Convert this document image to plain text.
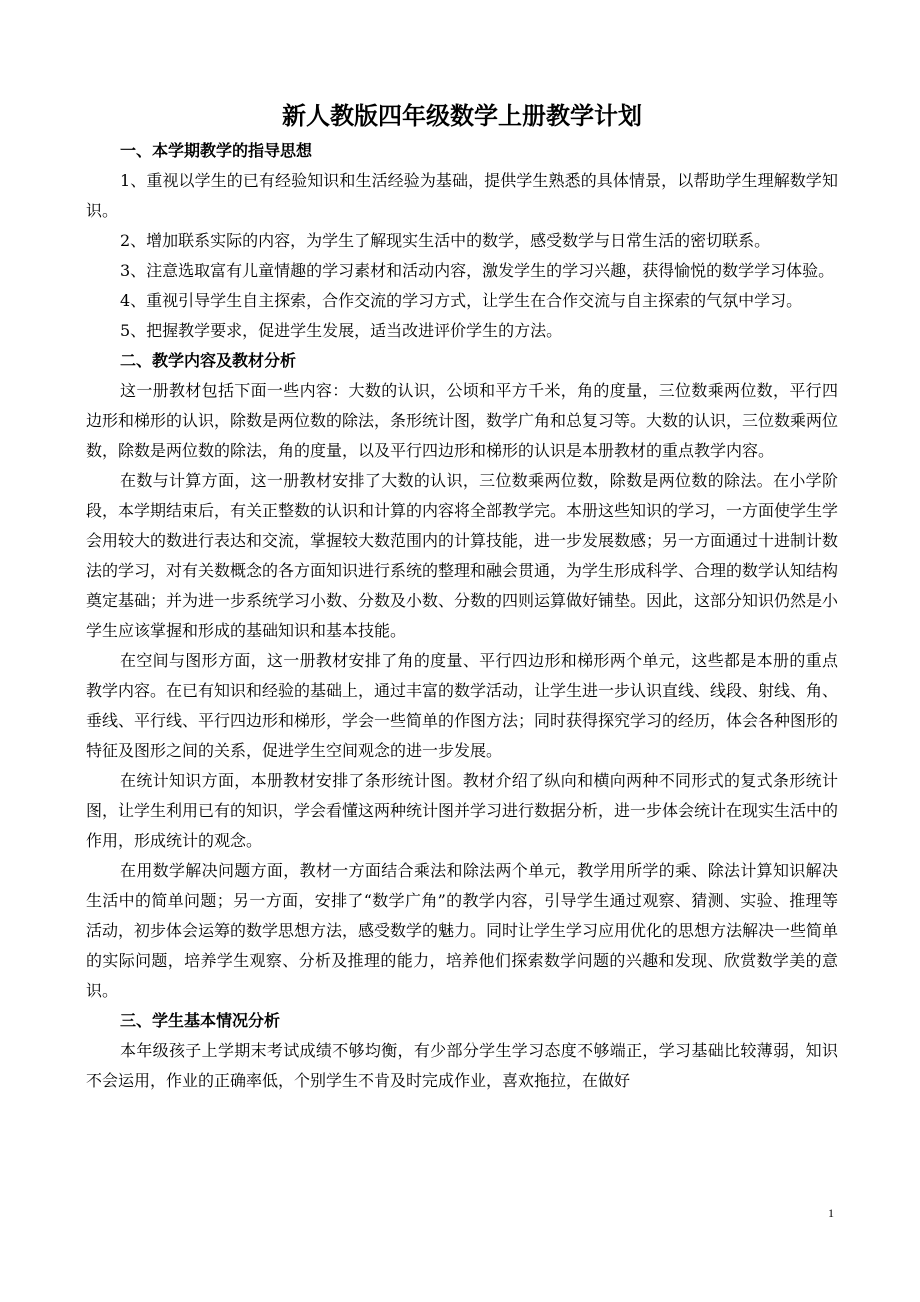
新人教版四年级数学上册教学计划

一、本学期教学的指导思想

1、重视以学生的已有经验知识和生活经验为基础，提供学生熟悉的具体情景，以帮助学生理解数学知识。

2、增加联系实际的内容，为学生了解现实生活中的数学，感受数学与日常生活的密切联系。

3、注意选取富有儿童情趣的学习素材和活动内容，激发学生的学习兴趣，获得愉悦的数学学习体验。

4、重视引导学生自主探索，合作交流的学习方式，让学生在合作交流与自主探索的气氛中学习。

5、把握教学要求，促进学生发展，适当改进评价学生的方法。

二、教学内容及教材分析

这一册教材包括下面一些内容：大数的认识，公顷和平方千米，角的度量，三位数乘两位数，平行四边形和梯形的认识，除数是两位数的除法，条形统计图，数学广角和总复习等。大数的认识，三位数乘两位数，除数是两位数的除法，角的度量，以及平行四边形和梯形的认识是本册教材的重点教学内容。

在数与计算方面，这一册教材安排了大数的认识，三位数乘两位数，除数是两位数的除法。在小学阶段，本学期结束后，有关正整数的认识和计算的内容将全部教学完。本册这些知识的学习，一方面使学生学会用较大的数进行表达和交流，掌握较大数范围内的计算技能，进一步发展数感；另一方面通过十进制计数法的学习，对有关数概念的各方面知识进行系统的整理和融会贯通，为学生形成科学、合理的数学认知结构奠定基础；并为进一步系统学习小数、分数及小数、分数的四则运算做好铺垫。因此，这部分知识仍然是小学生应该掌握和形成的基础知识和基本技能。

在空间与图形方面，这一册教材安排了角的度量、平行四边形和梯形两个单元，这些都是本册的重点教学内容。在已有知识和经验的基础上，通过丰富的数学活动，让学生进一步认识直线、线段、射线、角、垂线、平行线、平行四边形和梯形，学会一些简单的作图方法；同时获得探究学习的经历，体会各种图形的特征及图形之间的关系，促进学生空间观念的进一步发展。

在统计知识方面，本册教材安排了条形统计图。教材介绍了纵向和横向两种不同形式的复式条形统计图，让学生利用已有的知识，学会看懂这两种统计图并学习进行数据分析，进一步体会统计在现实生活中的作用，形成统计的观念。

在用数学解决问题方面，教材一方面结合乘法和除法两个单元，教学用所学的乘、除法计算知识解决生活中的简单问题；另一方面，安排了“数学广角”的教学内容，引导学生通过观察、猜测、实验、推理等活动，初步体会运筹的数学思想方法，感受数学的魅力。同时让学生学习应用优化的思想方法解决一些简单的实际问题，培养学生观察、分析及推理的能力，培养他们探索数学问题的兴趣和发现、欣赏数学美的意识。

三、学生基本情况分析

本年级孩子上学期末考试成绩不够均衡，有少部分学生学习态度不够端正，学习基础比较薄弱，知识不会运用，作业的正确率低，个别学生不肯及时完成作业，喜欢拖拉，在做好

1
